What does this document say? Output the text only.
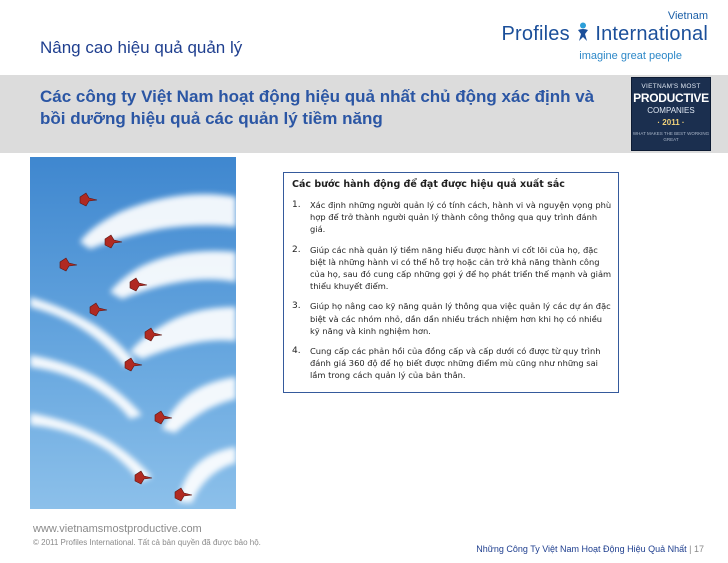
Nâng cao hiệu quả quản lý
Vietnam
Profiles International
imagine great people
Các công ty Việt Nam hoạt động hiệu quả nhất chủ động xác định và bồi dưỡng hiệu quả các quản lý tiềm năng
VIETNAM'S MOST
PRODUCTIVE
COMPANIES
· 2011 ·
WHAT MAKES THE BEST WORKING GREAT
Các bước hành động để đạt được hiệu quả xuất sắc
1. Xác định những người quản lý có tính cách, hành vi và nguyện vọng phù hợp để trở thành người quản lý thành công thông qua quy trình đánh giá.
2. Giúp các nhà quản lý tiềm năng hiểu được hành vi cốt lõi của họ, đặc biệt là những hành vi có thể hỗ trợ hoặc cản trở khả năng thành công của họ, sau đó cung cấp những gợi ý để họ phát triển thế mạnh và giảm thiểu khuyết điểm.
3. Giúp họ nâng cao kỹ năng quản lý thông qua việc quản lý các dự án đặc biệt và các nhóm nhỏ, dần dần nhiều trách nhiệm hơn khi họ có nhiều kỹ năng và kinh nghiệm hơn.
4. Cung cấp các phản hồi của đồng cấp và cấp dưới có được từ quy trình đánh giá 360 độ để họ biết được những điểm mù cũng như những sai lầm trong cách quản lý của bản thân.
www.vietnamsmostproductive.com
© 2011 Profiles International. Tất cả bản quyền đã được bảo hộ.
Những Công Ty Việt Nam Hoạt Động Hiệu Quả Nhất | 17
